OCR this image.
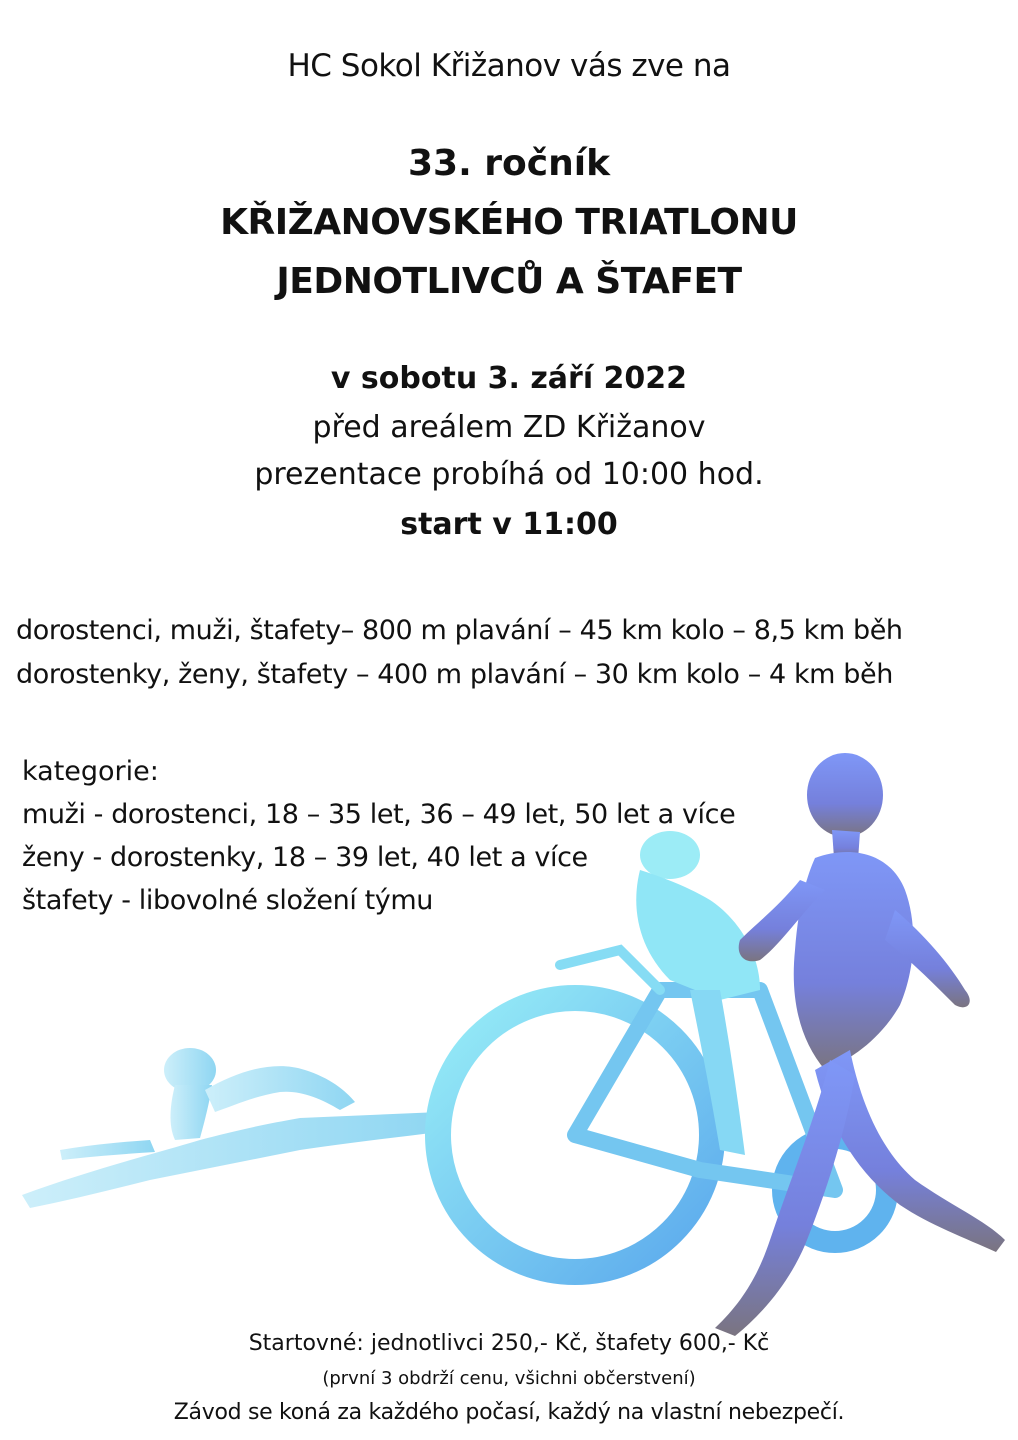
HC Sokol Křižanov vás zve na
33. ročník
KŘIŽANOVSKÉHO TRIATLONU
JEDNOTLIVCŮ A ŠTAFET
v sobotu 3. září 2022
před areálem ZD Křižanov
prezentace probíhá od 10:00 hod.
start v 11:00
dorostenci, muži, štafety– 800 m plavání – 45 km kolo – 8,5 km běh
dorostenky, ženy, štafety – 400 m plavání – 30 km kolo – 4 km běh
kategorie:
muži - dorostenci, 18 – 35 let, 36 – 49 let, 50 let a více
ženy - dorostenky, 18 – 39 let, 40 let a více
štafety - libovolné složení týmu
Startovné: jednotlivci 250,- Kč, štafety 600,- Kč
(první 3 obdrží cenu, všichni občerstvení)
Závod se koná za každého počasí, každý na vlastní nebezpečí.
